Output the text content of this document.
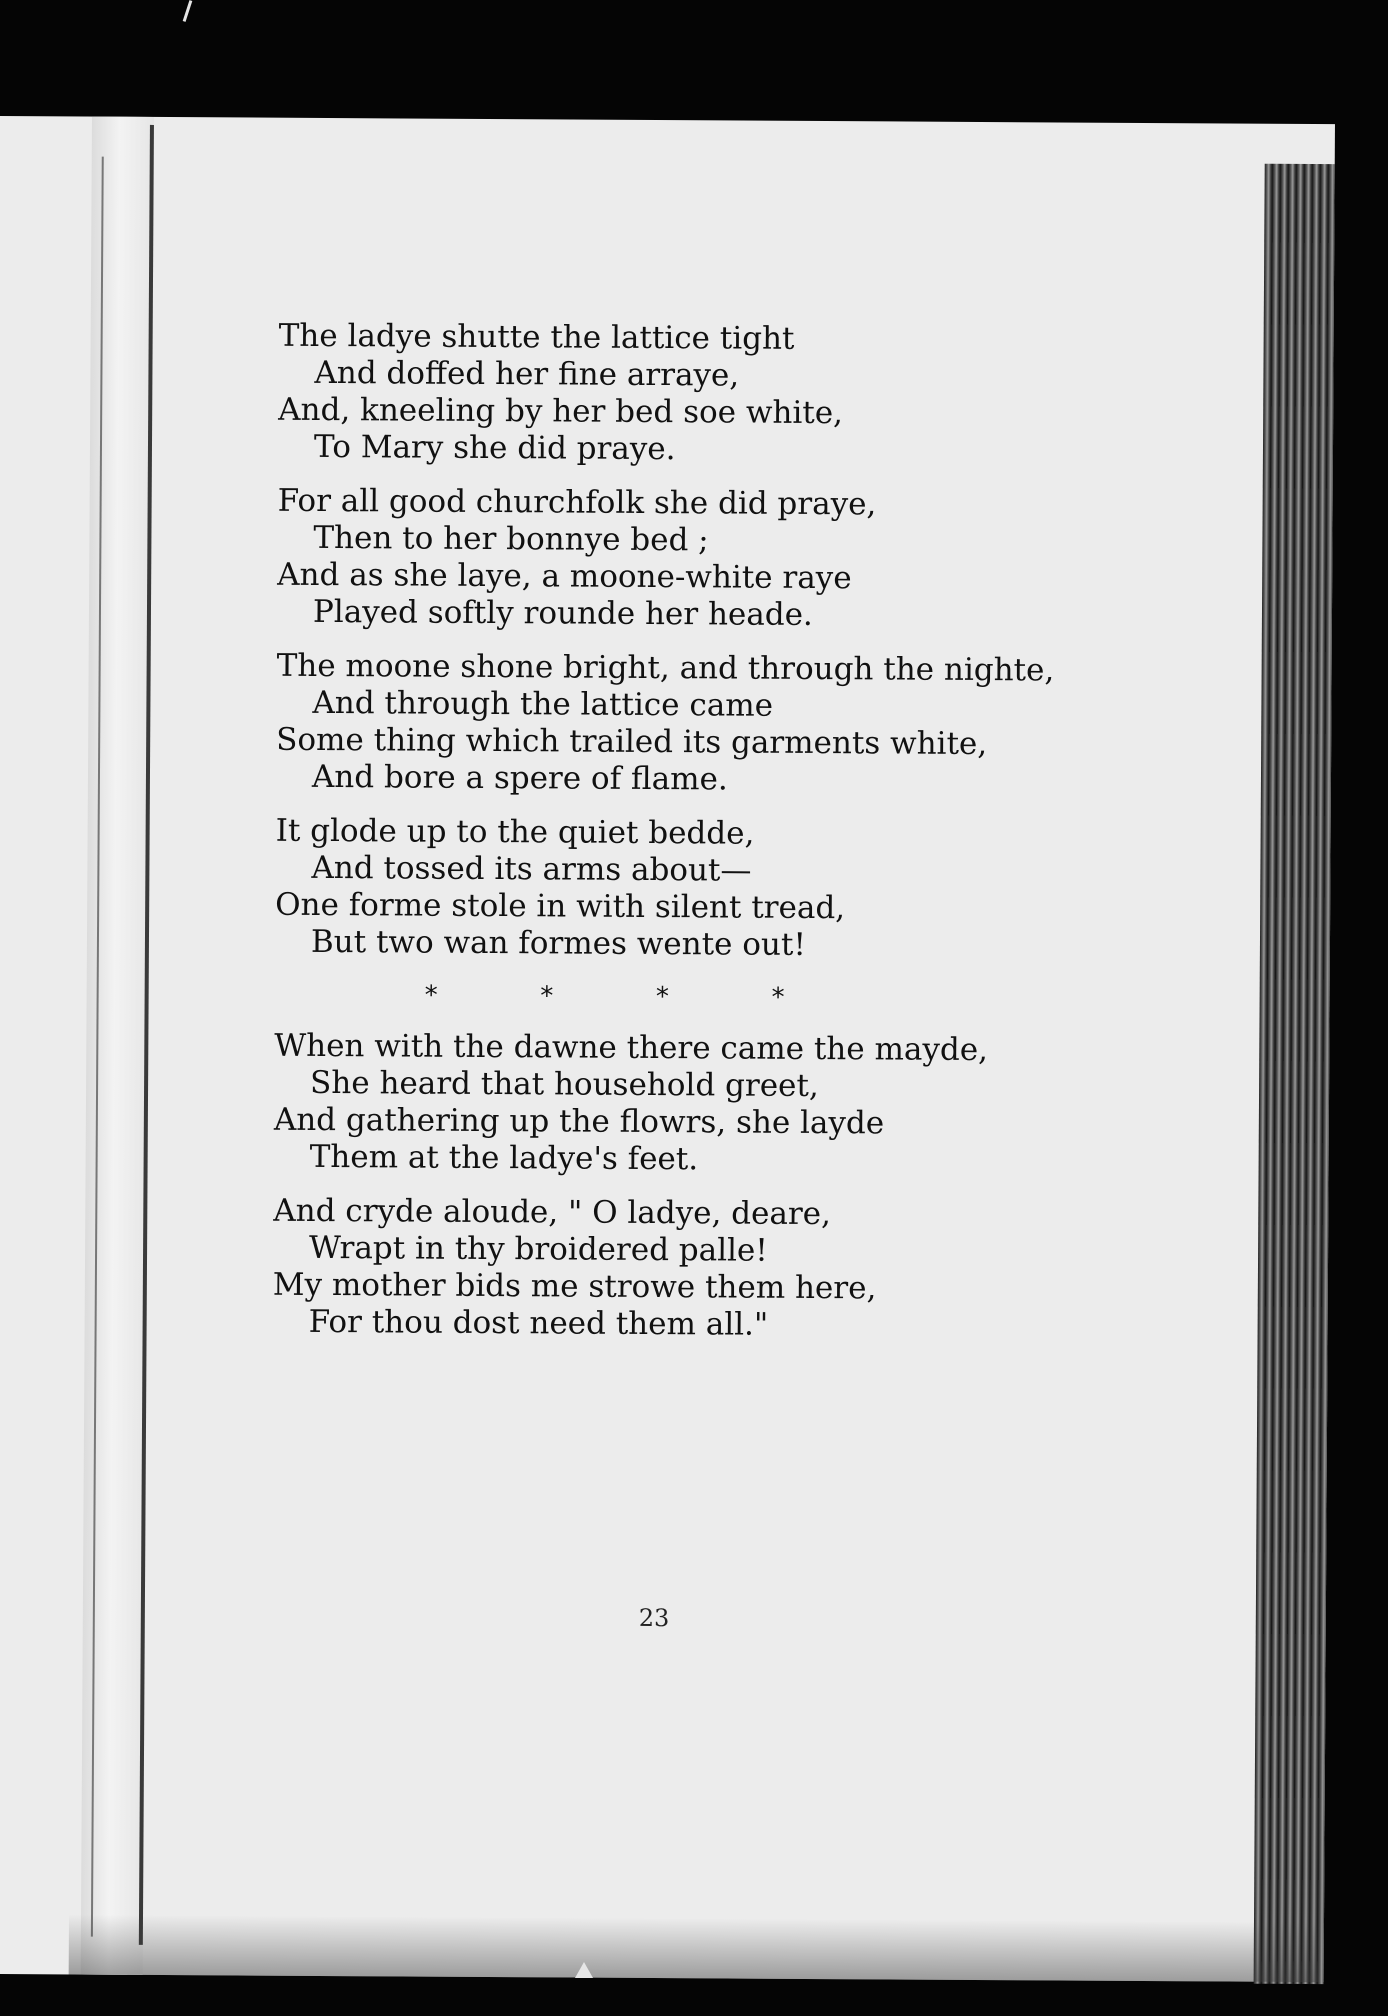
The ladye shutte the lattice tight
And doffed her fine arraye,
And, kneeling by her bed soe white,
To Mary she did praye.
For all good churchfolk she did praye,
Then to her bonnye bed ;
And as she laye, a moone-white raye
Played softly rounde her heade.
The moone shone bright, and through the nighte,
And through the lattice came
Some thing which trailed its garments white,
And bore a spere of flame.
It glode up to the quiet bedde,
And tossed its arms about—
One forme stole in with silent tread,
But two wan formes wente out!
*	*	*	*
When with the dawne there came the mayde,
She heard that household greet,
And gathering up the flowrs, she layde
Them at the ladye's feet.
And cryde aloude, " O ladye, deare,
Wrapt in thy broidered palle!
My mother bids me strowe them here,
For thou dost need them all."
23
